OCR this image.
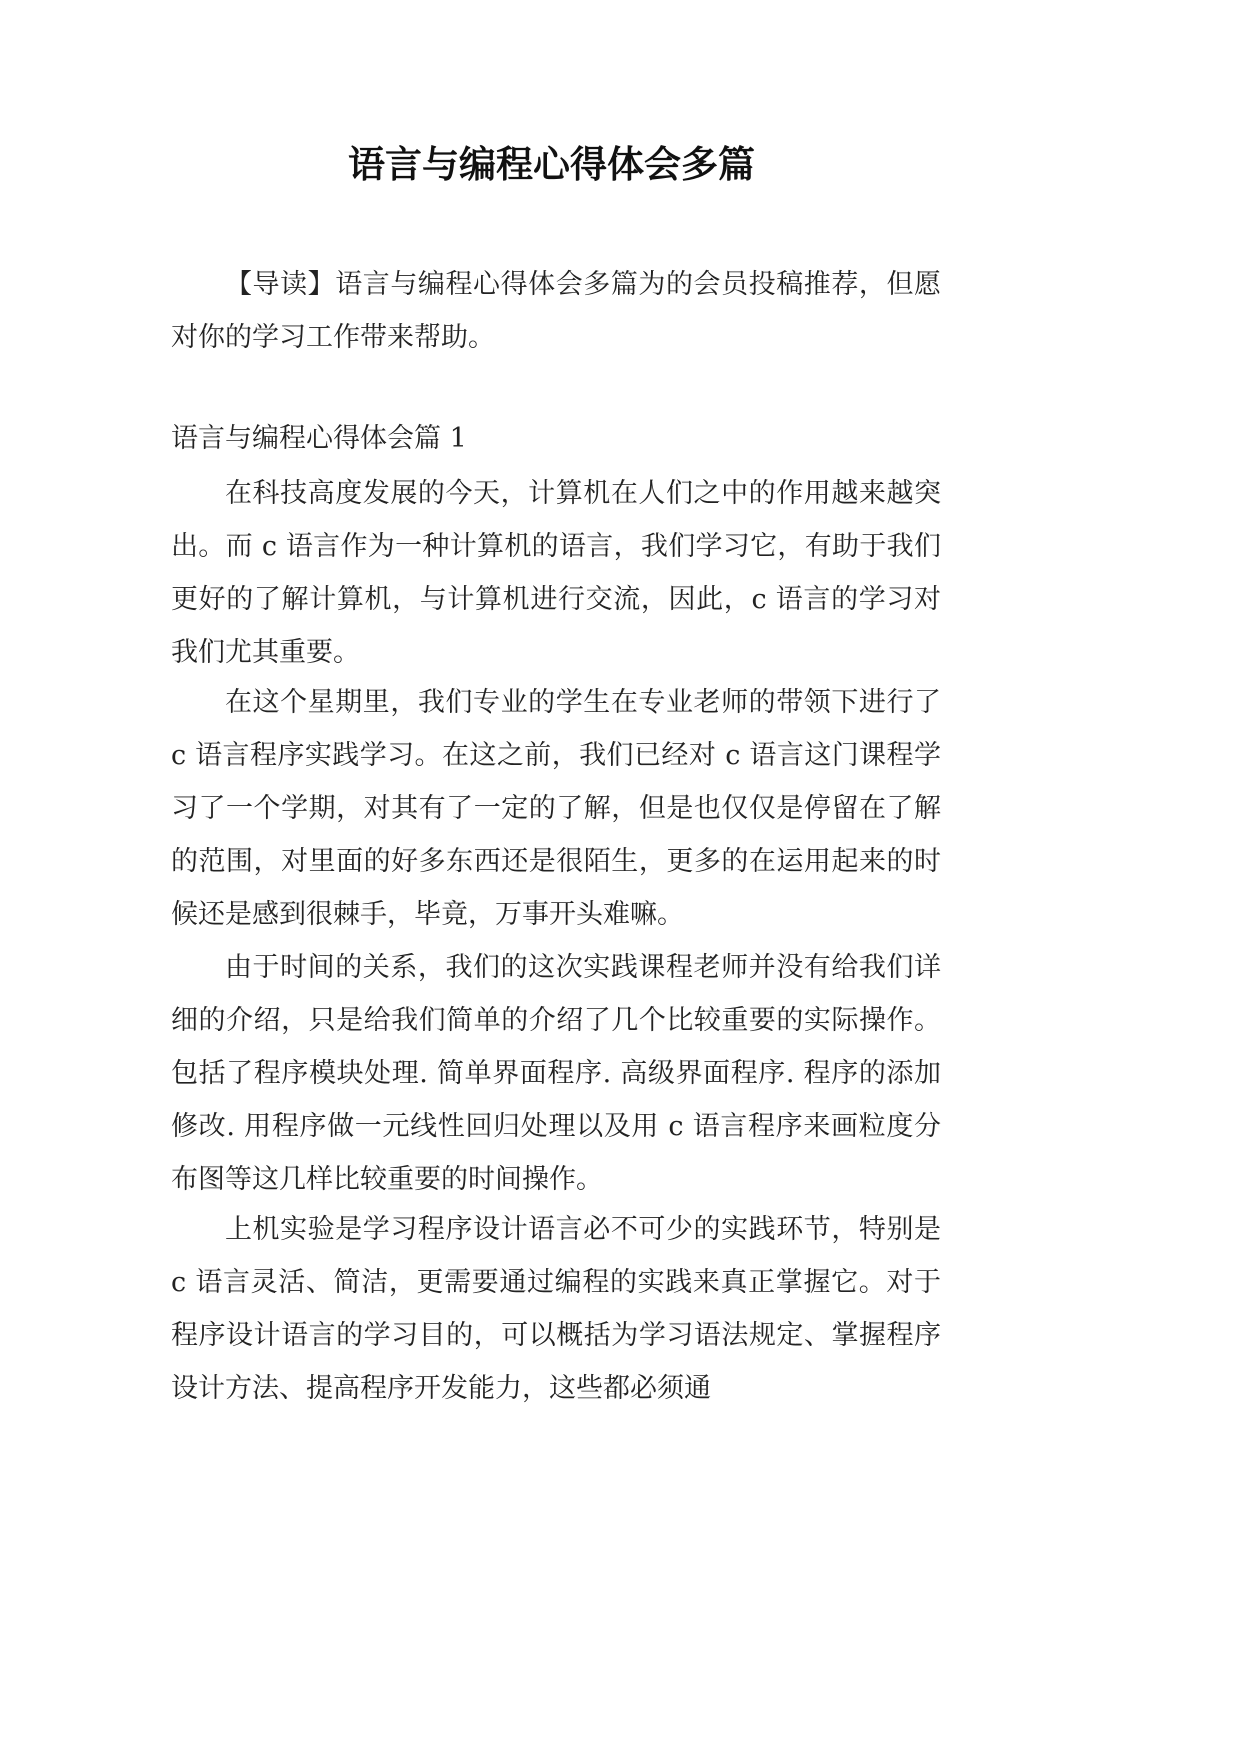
语言与编程心得体会多篇

【导读】语言与编程心得体会多篇为的会员投稿推荐，但愿对你的学习工作带来帮助。

语言与编程心得体会篇 1

在科技高度发展的今天，计算机在人们之中的作用越来越突出。而 c 语言作为一种计算机的语言，我们学习它，有助于我们更好的了解计算机，与计算机进行交流，因此，c 语言的学习对我们尤其重要。

在这个星期里，我们专业的学生在专业老师的带领下进行了 c 语言程序实践学习。在这之前，我们已经对 c 语言这门课程学习了一个学期，对其有了一定的了解，但是也仅仅是停留在了解的范围，对里面的好多东西还是很陌生，更多的在运用起来的时候还是感到很棘手，毕竟，万事开头难嘛。

由于时间的关系，我们的这次实践课程老师并没有给我们详细的介绍，只是给我们简单的介绍了几个比较重要的实际操作。包括了程序模块处理. 简单界面程序. 高级界面程序. 程序的添加修改. 用程序做一元线性回归处理以及用 c 语言程序来画粒度分布图等这几样比较重要的时间操作。

上机实验是学习程序设计语言必不可少的实践环节，特别是 c 语言灵活、简洁，更需要通过编程的实践来真正掌握它。对于程序设计语言的学习目的，可以概括为学习语法规定、掌握程序设计方法、提高程序开发能力，这些都必须通
